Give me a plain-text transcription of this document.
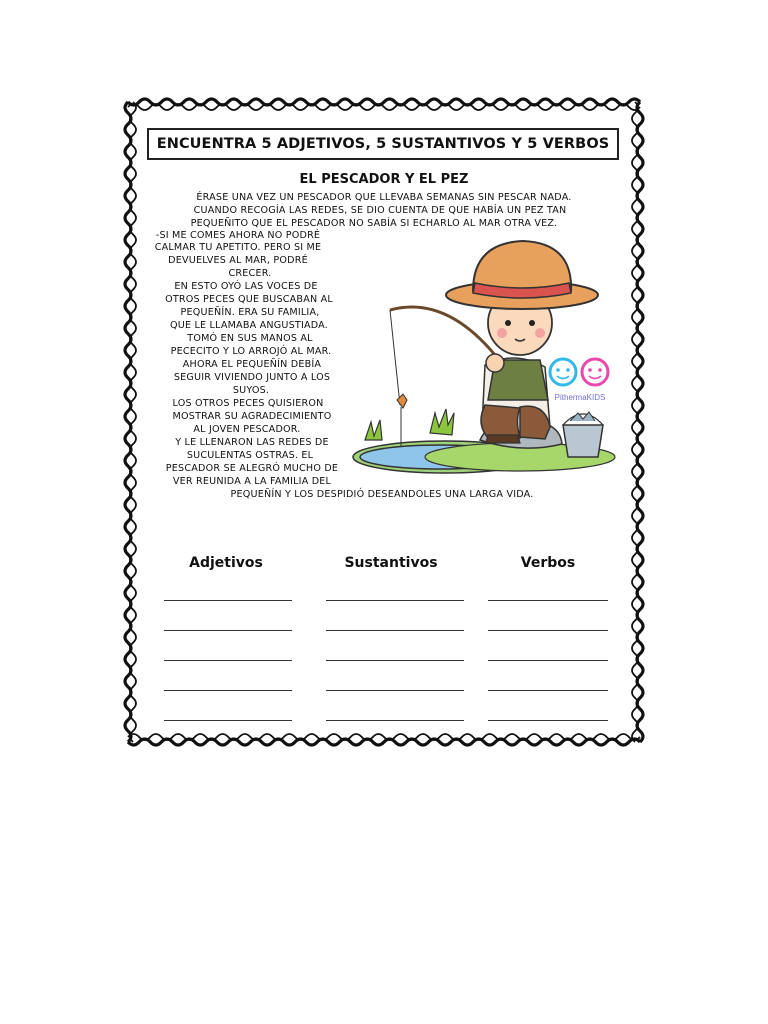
ENCUENTRA 5 ADJETIVOS, 5 SUSTANTIVOS Y 5 VERBOS
EL PESCADOR Y EL PEZ
ÉRASE UNA VEZ UN PESCADOR QUE LLEVABA SEMANAS SIN PESCAR NADA.
CUANDO RECOGÍA LAS REDES, SE DIO CUENTA DE QUE HABÍA UN PEZ TAN
PEQUEÑITO QUE EL PESCADOR NO SABÍA SI ECHARLO AL MAR OTRA VEZ.
-SI ME COMES AHORA NO PODRÉ
CALMAR TU APETITO. PERO SI ME
DEVUELVES AL MAR, PODRÉ
CRECER.
EN ESTO OYÓ LAS VOCES DE
OTROS PECES QUE BUSCABAN AL
PEQUEÑÍN. ERA SU FAMILIA,
QUE LE LLAMABA ANGUSTIADA.
TOMÓ EN SUS MANOS AL
PECECITO Y LO ARROJÓ AL MAR.
AHORA EL PEQUEÑÍN DEBÍA
SEGUIR VIVIENDO JUNTO A LOS
SUYOS.
LOS OTROS PECES QUISIERON
MOSTRAR SU AGRADECIMIENTO
AL JOVEN PESCADOR.
Y LE LLENARON LAS REDES DE
SUCULENTAS OSTRAS. EL
PESCADOR SE ALEGRÓ MUCHO DE
VER REUNIDA A LA FAMILIA DEL
PEQUEÑÍN Y LOS DESPIDIÓ DESEANDOLES UNA LARGA VIDA.
PithermaKIDS
Adjetivos	Sustantivos	Verbos
